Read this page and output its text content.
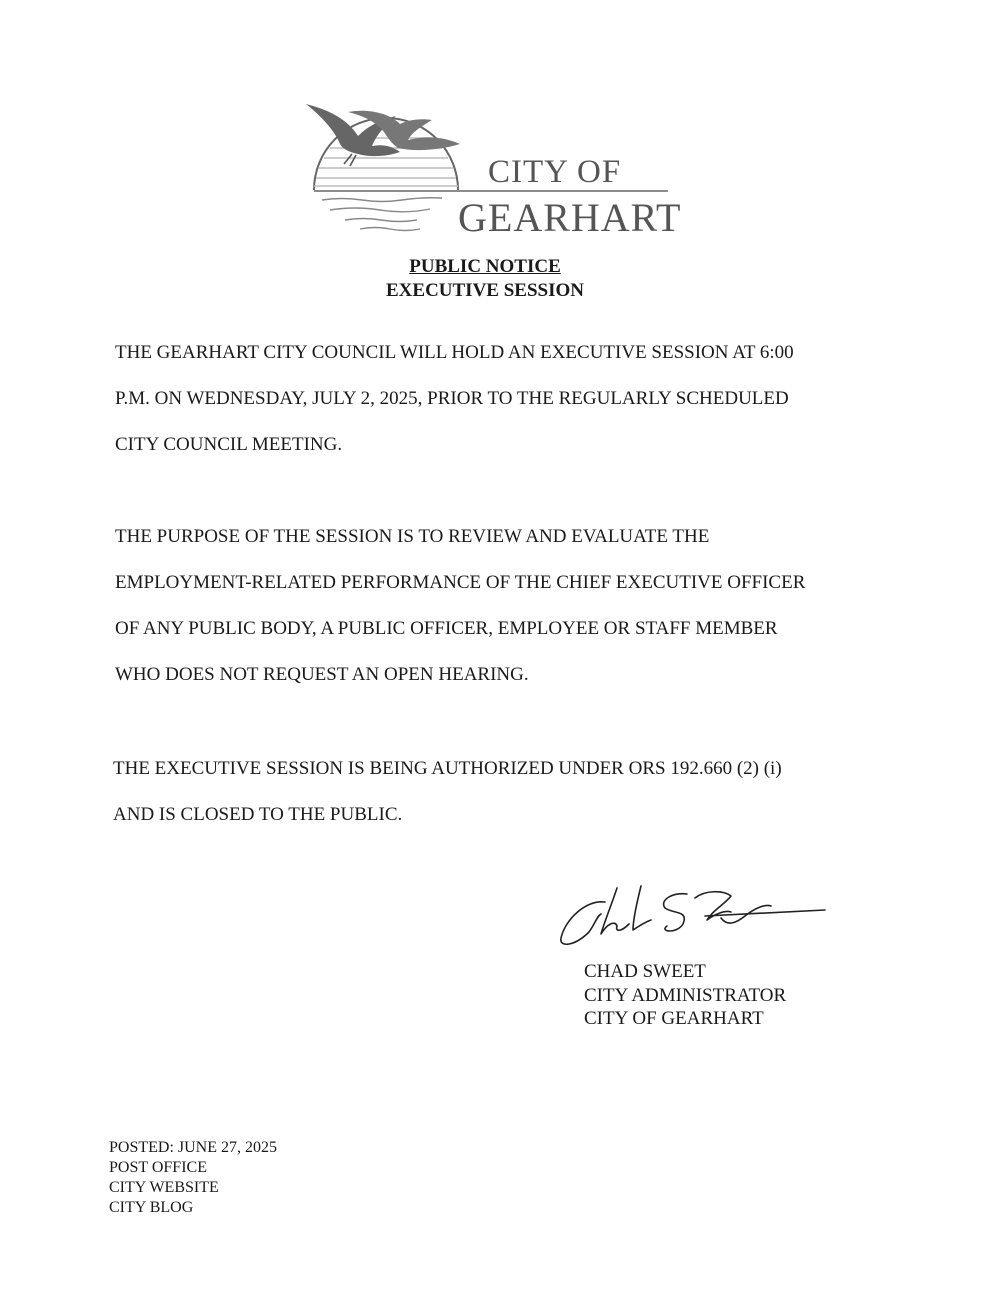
CITY OF
GEARHART
PUBLIC NOTICE
EXECUTIVE SESSION

THE GEARHART CITY COUNCIL WILL HOLD AN EXECUTIVE SESSION AT 6:00
P.M. ON WEDNESDAY, JULY 2, 2025, PRIOR TO THE REGULARLY SCHEDULED
CITY COUNCIL MEETING.

THE PURPOSE OF THE SESSION IS TO REVIEW AND EVALUATE THE
EMPLOYMENT-RELATED PERFORMANCE OF THE CHIEF EXECUTIVE OFFICER
OF ANY PUBLIC BODY, A PUBLIC OFFICER, EMPLOYEE OR STAFF MEMBER
WHO DOES NOT REQUEST AN OPEN HEARING.

THE EXECUTIVE SESSION IS BEING AUTHORIZED UNDER ORS 192.660 (2) (i)
AND IS CLOSED TO THE PUBLIC.

CHAD SWEET
CITY ADMINISTRATOR
CITY OF GEARHART
POSTED: JUNE 27, 2025
POST OFFICE
CITY WEBSITE
CITY BLOG
